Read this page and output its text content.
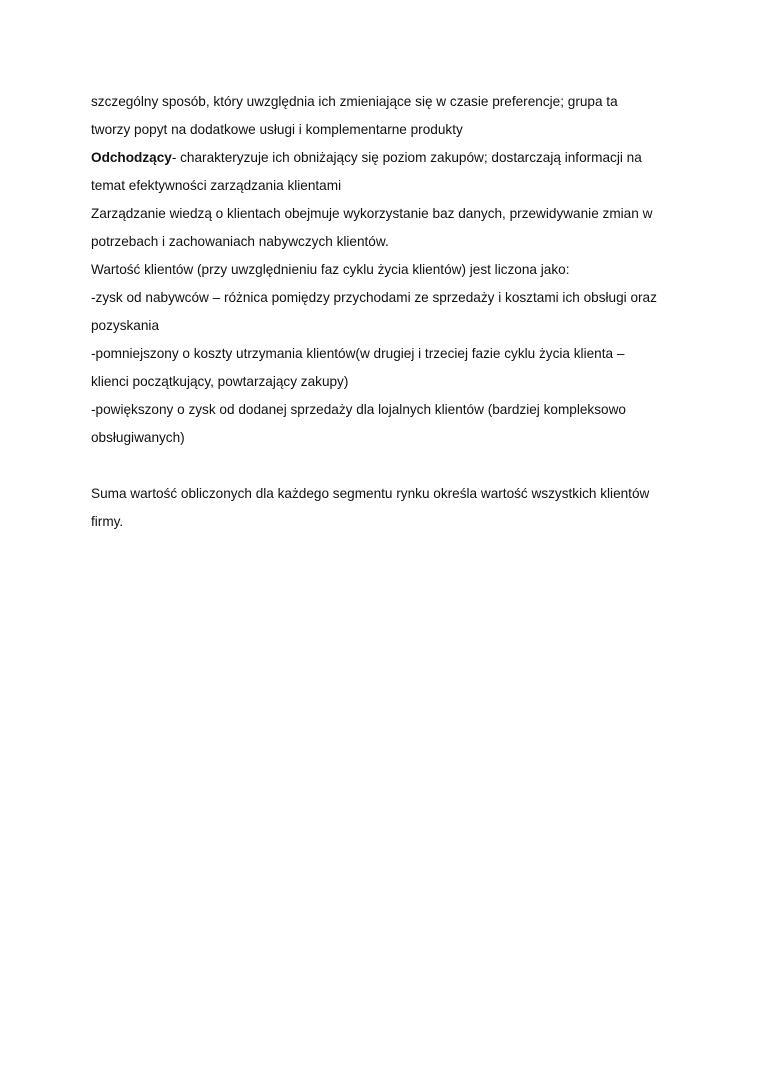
szczególny sposób, który uwzględnia ich zmieniające się w czasie preferencje; grupa ta
tworzy popyt na dodatkowe usługi i komplementarne produkty
Odchodzący- charakteryzuje ich obniżający się poziom zakupów; dostarczają informacji na
temat efektywności zarządzania klientami
Zarządzanie wiedzą o klientach obejmuje wykorzystanie baz danych, przewidywanie zmian w
potrzebach i zachowaniach nabywczych klientów.
Wartość klientów (przy uwzględnieniu faz cyklu życia klientów) jest liczona jako:
-zysk od nabywców – różnica pomiędzy przychodami ze sprzedaży i kosztami ich obsługi oraz
pozyskania
-pomniejszony o koszty utrzymania klientów(w drugiej i trzeciej fazie cyklu życia klienta –
klienci początkujący, powtarzający zakupy)
-powiększony o zysk od dodanej sprzedaży dla lojalnych klientów (bardziej kompleksowo
obsługiwanych)
Suma wartość obliczonych dla każdego segmentu rynku określa wartość wszystkich klientów
firmy.
